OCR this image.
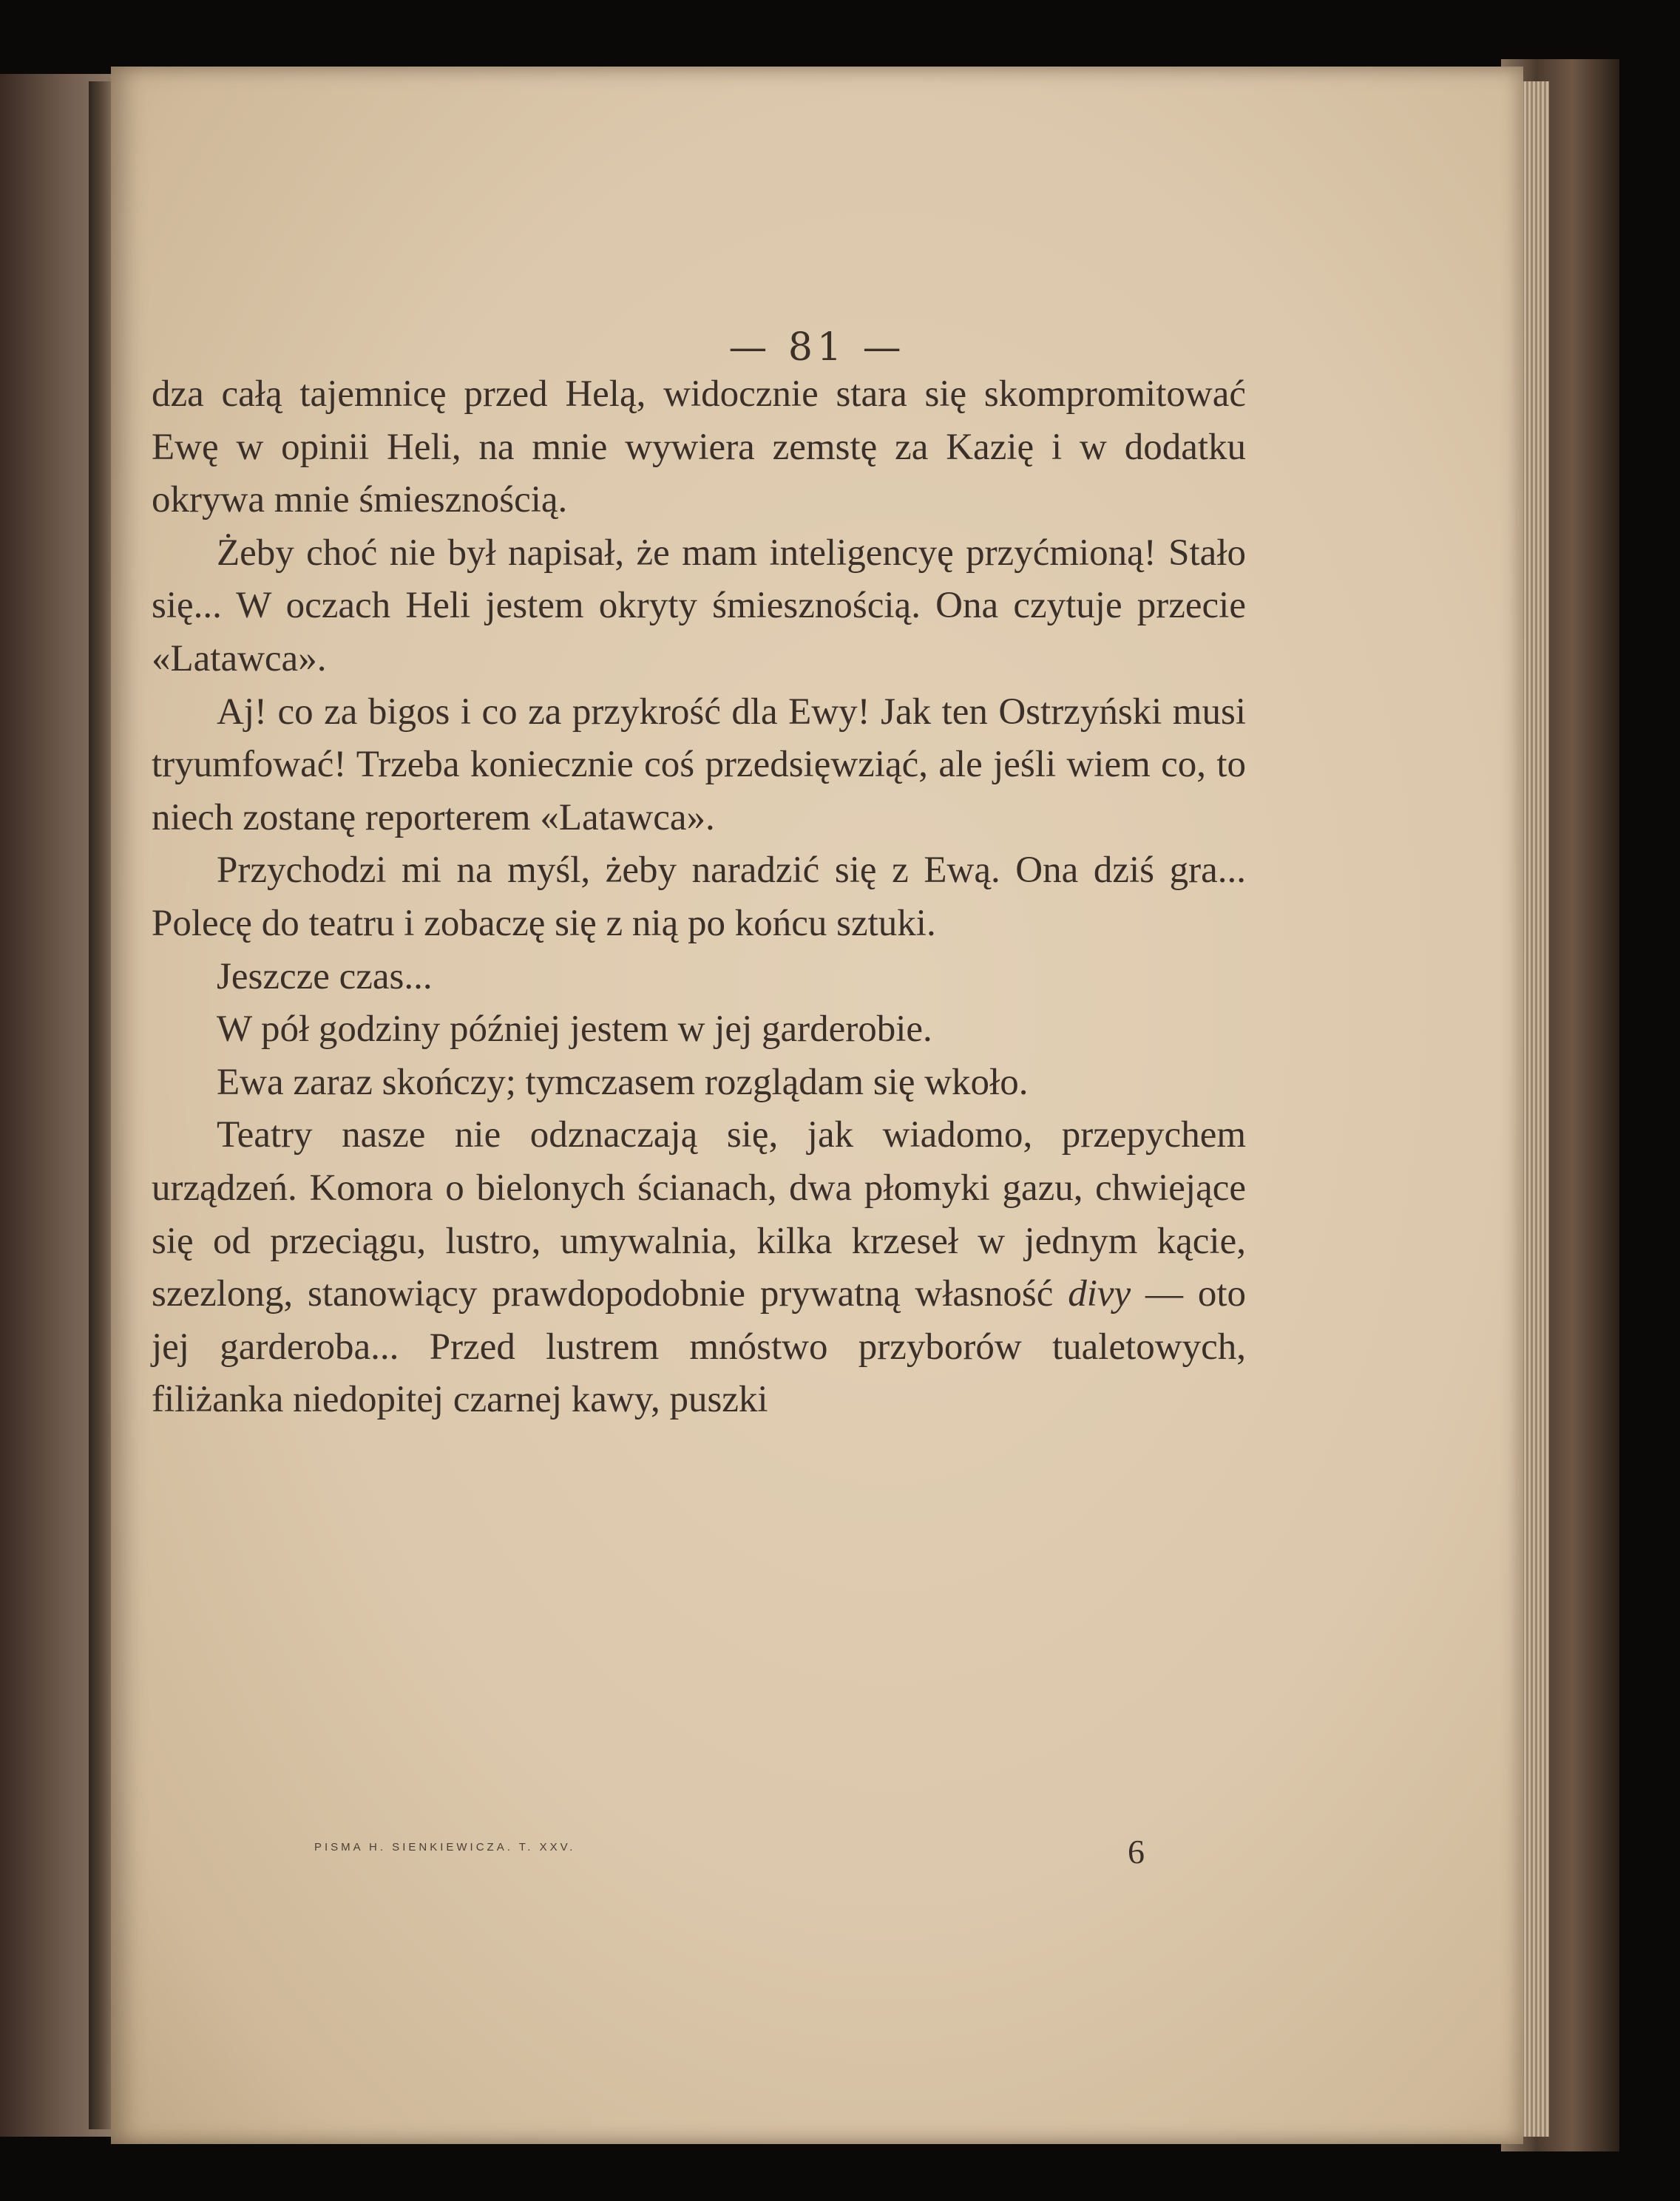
— 81 —

dza całą tajemnicę przed Helą, widocznie stara się skompromitować Ewę w opinii Heli, na mnie wywiera zemstę za Kazię i w dodatku okrywa mnie śmiesznością.

Żeby choć nie był napisał, że mam inteligencyę przyćmioną! Stało się... W oczach Heli jestem okryty śmiesznością. Ona czytuje przecie «Latawca».

Aj! co za bigos i co za przykrość dla Ewy! Jak ten Ostrzyński musi tryumfować! Trzeba koniecznie coś przedsięwziąć, ale jeśli wiem co, to niech zostanę reporterem «Latawca».

Przychodzi mi na myśl, żeby naradzić się z Ewą. Ona dziś gra... Polecę do teatru i zobaczę się z nią po końcu sztuki.

Jeszcze czas...

W pół godziny później jestem w jej garderobie.

Ewa zaraz skończy; tymczasem rozglądam się wkoło.

Teatry nasze nie odznaczają się, jak wiadomo, przepychem urządzeń. Komora o bielonych ścianach, dwa płomyki gazu, chwiejące się od przeciągu, lustro, umywalnia, kilka krzeseł w jednym kącie, szezlong, stanowiący prawdopodobnie prywatną własność divy — oto jej garderoba... Przed lustrem mnóstwo przyborów tualetowych, filiżanka niedopitej czarnej kawy, puszki

PISMA H. SIENKIEWICZA. T. XXV.	6
